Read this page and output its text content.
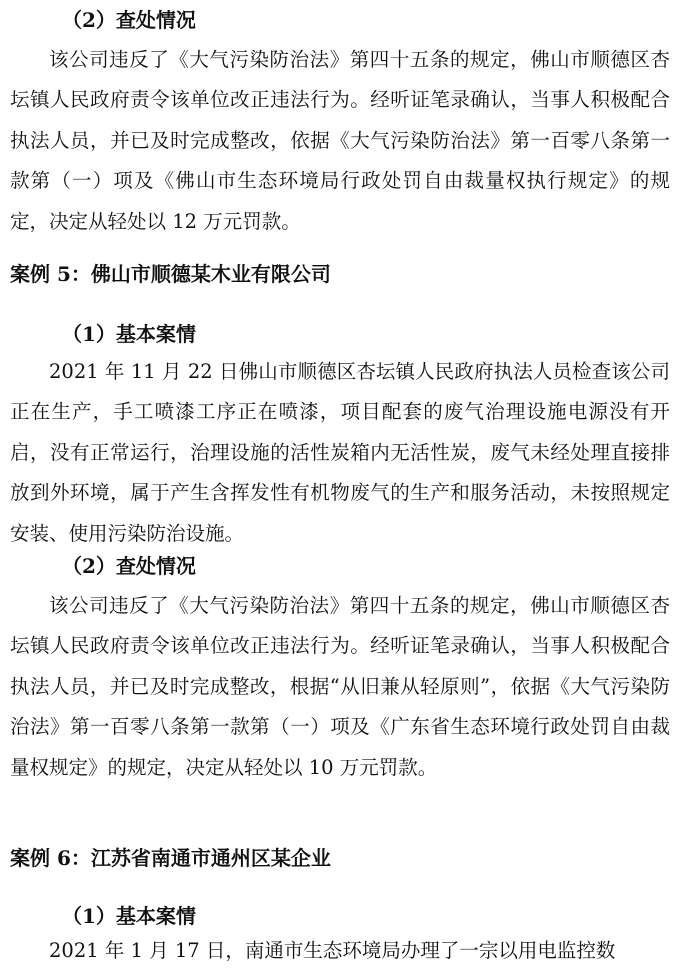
（2）查处情况

该公司违反了《大气污染防治法》第四十五条的规定，佛山市顺德区杏坛镇人民政府责令该单位改正违法行为。经听证笔录确认，当事人积极配合执法人员，并已及时完成整改，依据《大气污染防治法》第一百零八条第一款第（一）项及《佛山市生态环境局行政处罚自由裁量权执行规定》的规定，决定从轻处以 12 万元罚款。

案例 5：佛山市顺德某木业有限公司
（1）基本案情

2021 年 11 月 22 日佛山市顺德区杏坛镇人民政府执法人员检查该公司正在生产，手工喷漆工序正在喷漆，项目配套的废气治理设施电源没有开启，没有正常运行，治理设施的活性炭箱内无活性炭，废气未经处理直接排放到外环境，属于产生含挥发性有机物废气的生产和服务活动，未按照规定安装、使用污染防治设施。

（2）查处情况

该公司违反了《大气污染防治法》第四十五条的规定，佛山市顺德区杏坛镇人民政府责令该单位改正违法行为。经听证笔录确认，当事人积极配合执法人员，并已及时完成整改，根据“从旧兼从轻原则”，依据《大气污染防治法》第一百零八条第一款第（一）项及《广东省生态环境行政处罚自由裁量权规定》的规定，决定从轻处以 10 万元罚款。

案例 6：江苏省南通市通州区某企业
（1）基本案情

2021 年 1 月 17 日，南通市生态环境局办理了一宗以用电监控数
